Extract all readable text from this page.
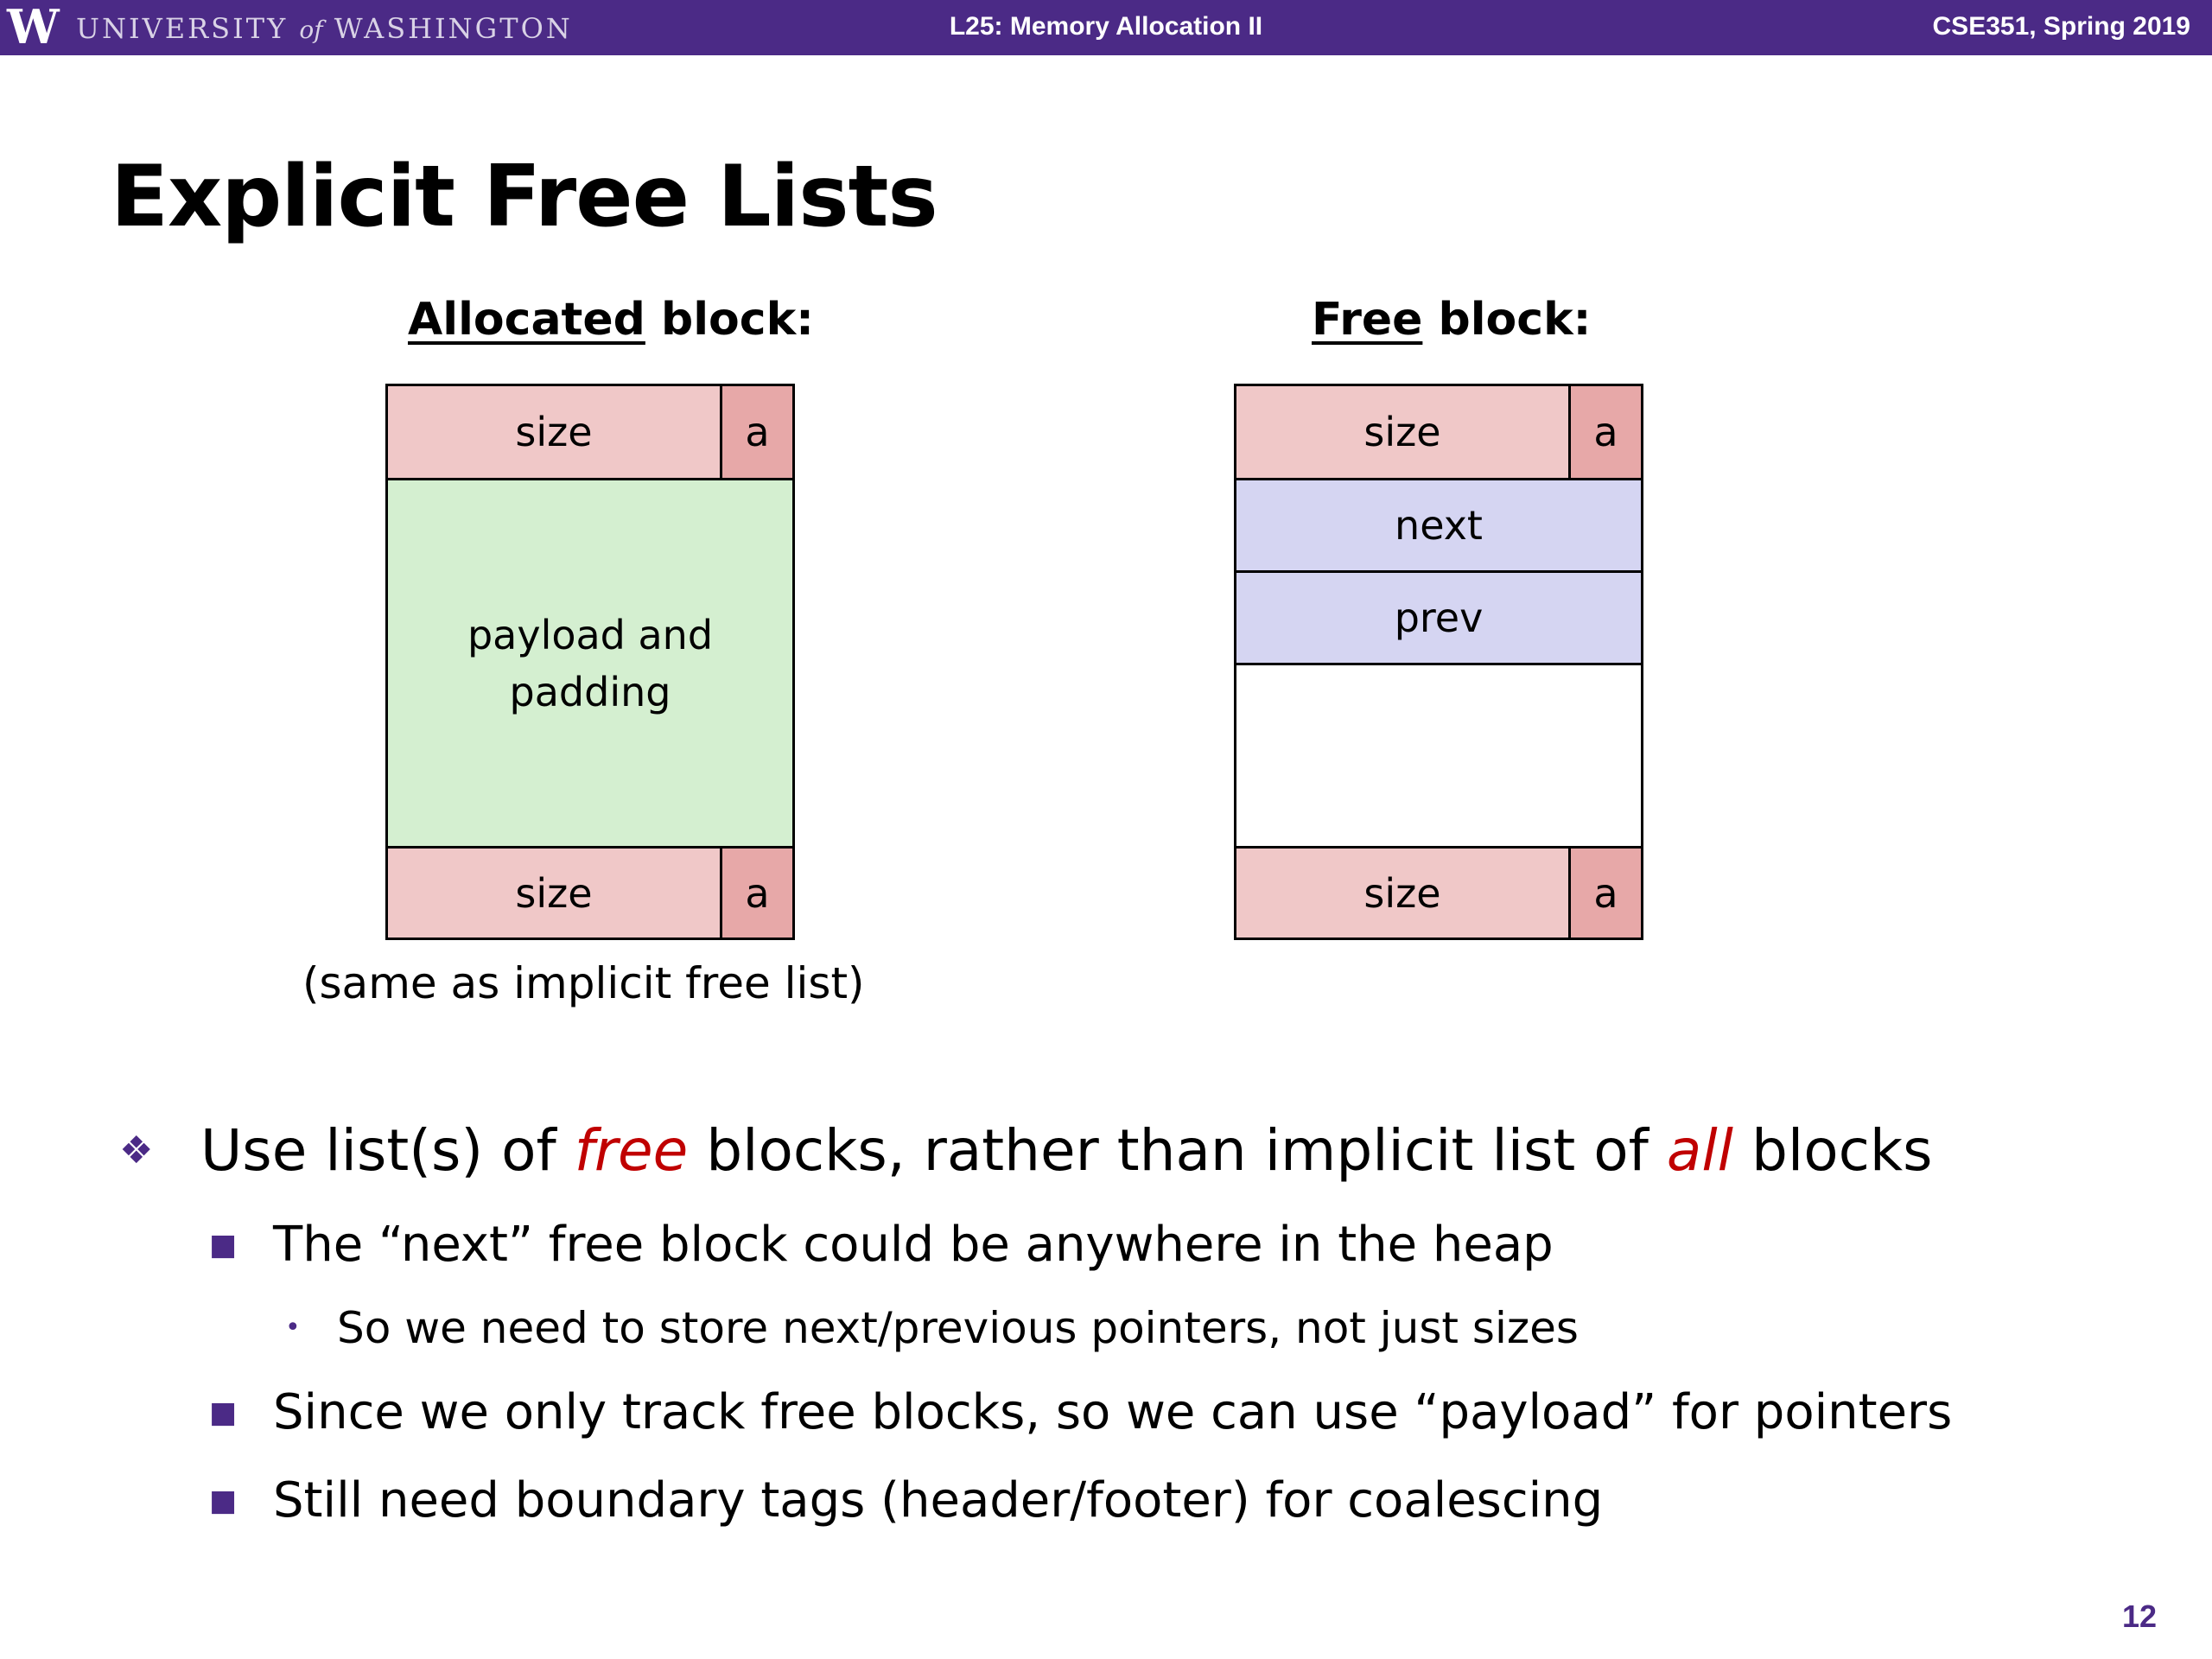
W UNIVERSITY of WASHINGTON	L25: Memory Allocation II	CSE351, Spring 2019
Explicit Free Lists
Allocated block:	Free block:
size	a
payload and
padding
size	a
size	a
next
prev
size	a
(same as implicit free list)
❖ Use list(s) of free blocks, rather than implicit list of all blocks
■ The “next” free block could be anywhere in the heap
• So we need to store next/previous pointers, not just sizes
■ Since we only track free blocks, so we can use “payload” for pointers
■ Still need boundary tags (header/footer) for coalescing
12
